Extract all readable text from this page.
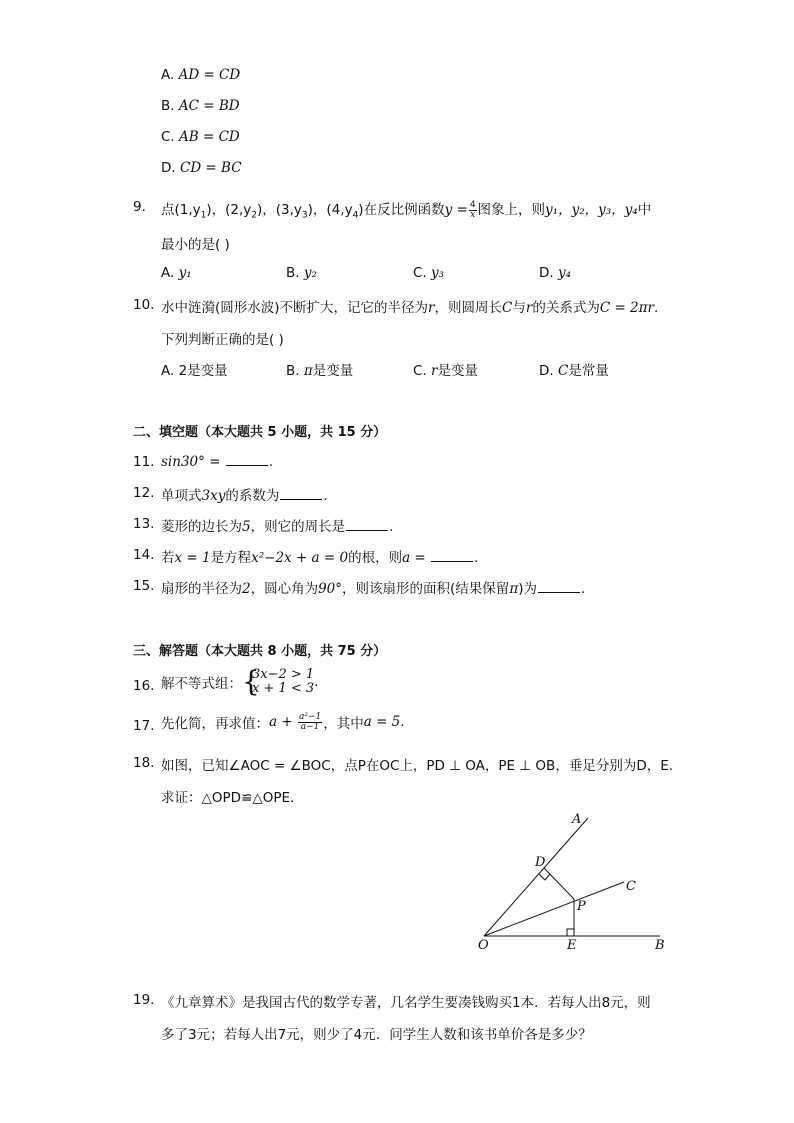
A. AD = CD
B. AC = BD
C. AB = CD
D. CD = BC
9. 点$(1,y_1)$，$(2,y_2)$，$(3,y_3)$，$(4,y_4)$在反比例函数$y = \frac{4}{x}$ 图象上，则y₁，y₂，y₃，y₄中
最小的是( )
A. y₁	B. y₂	C. y₃	D. y₄
10. 水中涟漪(圆形水波)不断扩大，记它的半径为r，则圆周长C与r的关系式为C = 2πr.
下列判断正确的是( )
A. 2是变量	B. π是变量	C. r是变量	D. C是常量
二、填空题（本大题共 5 小题，共 15 分）
11. sin30° =	.
12. 单项式3xy的系数为	.
13. 菱形的边长为5，则它的周长是	.
14. 若x = 1是方程x²−2x + a = 0的根，则a =	.
15. 扇形的半径为2，圆心角为90°，则该扇形的面积(结果保留π)为	.
三、解答题（本大题共 8 小题，共 75 分）
16. 解不等式组： {
3x−2 > 1
x + 1 < 3 .
17. 先化简，再求值：$a + \frac{\text{a²−1}}{a-1}$ ，其中a = 5.
18. 如图，已知∠AOC = ∠BOC，点P在OC上，PD ⊥ OA，PE ⊥ OB，垂足分别为D，E.
求证：△OPD≌△OPE.
A
D
C
P
O	E	B
19. 《九章算术》是我国古代的数学专著，几名学生要凑钱购买1本．若每人出8元，则
多了3元；若每人出7元，则少了4元．问学生人数和该书单价各是多少？
